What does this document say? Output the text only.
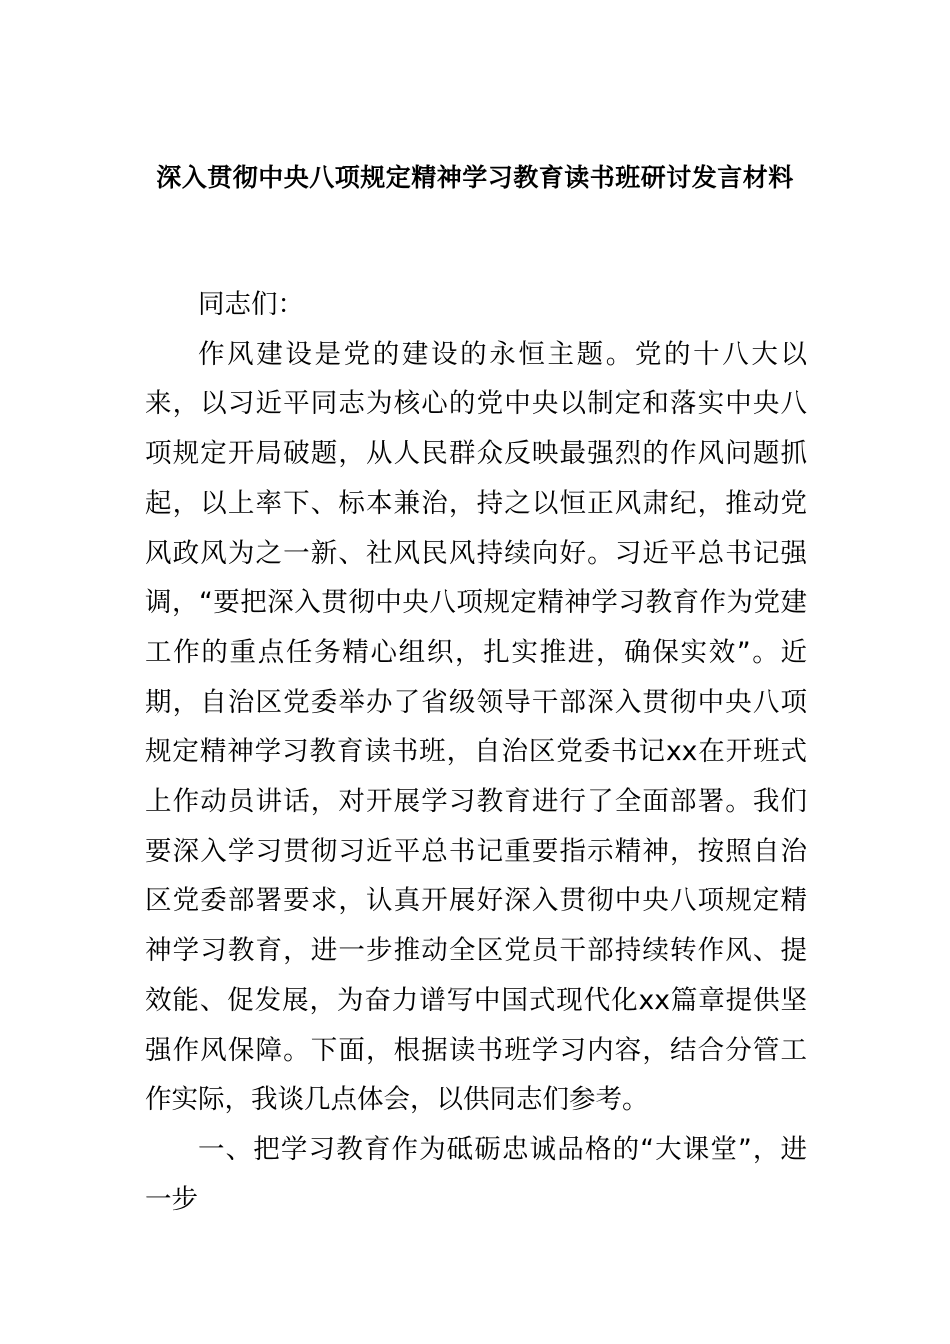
深入贯彻中央八项规定精神学习教育读书班研讨发言材料

同志们：

作风建设是党的建设的永恒主题。党的十八大以来，以习近平同志为核心的党中央以制定和落实中央八项规定开局破题，从人民群众反映最强烈的作风问题抓起，以上率下、标本兼治，持之以恒正风肃纪，推动党风政风为之一新、社风民风持续向好。习近平总书记强调，“要把深入贯彻中央八项规定精神学习教育作为党建工作的重点任务精心组织，扎实推进，确保实效”。近期，自治区党委举办了省级领导干部深入贯彻中央八项规定精神学习教育读书班，自治区党委书记xx在开班式上作动员讲话，对开展学习教育进行了全面部署。我们要深入学习贯彻习近平总书记重要指示精神，按照自治区党委部署要求，认真开展好深入贯彻中央八项规定精神学习教育，进一步推动全区党员干部持续转作风、提效能、促发展，为奋力谱写中国式现代化xx篇章提供坚强作风保障。下面，根据读书班学习内容，结合分管工作实际，我谈几点体会，以供同志们参考。

一、把学习教育作为砥砺忠诚品格的“大课堂”，进一步
